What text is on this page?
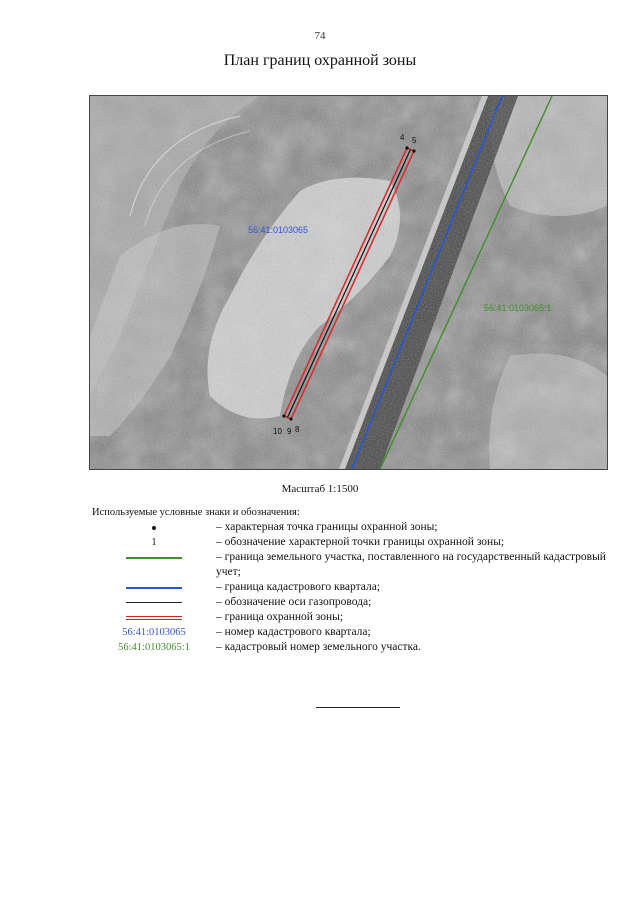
74
План границ охранной зоны
4 5
10 9 8
56:41:0103065
56:41:0103065:1
Масштаб 1:1500
Используемые условные знаки и обозначения:
– характерная точка границы охранной зоны;
1	– обозначение характерной точки границы охранной зоны;
– граница земельного участка, поставленного на государственный кадастровый учет;
– граница кадастрового квартала;
– обозначение оси газопровода;
– граница охранной зоны;
56:41:0103065	– номер кадастрового квартала;
56:41:0103065:1 – кадастровый номер земельного участка.
